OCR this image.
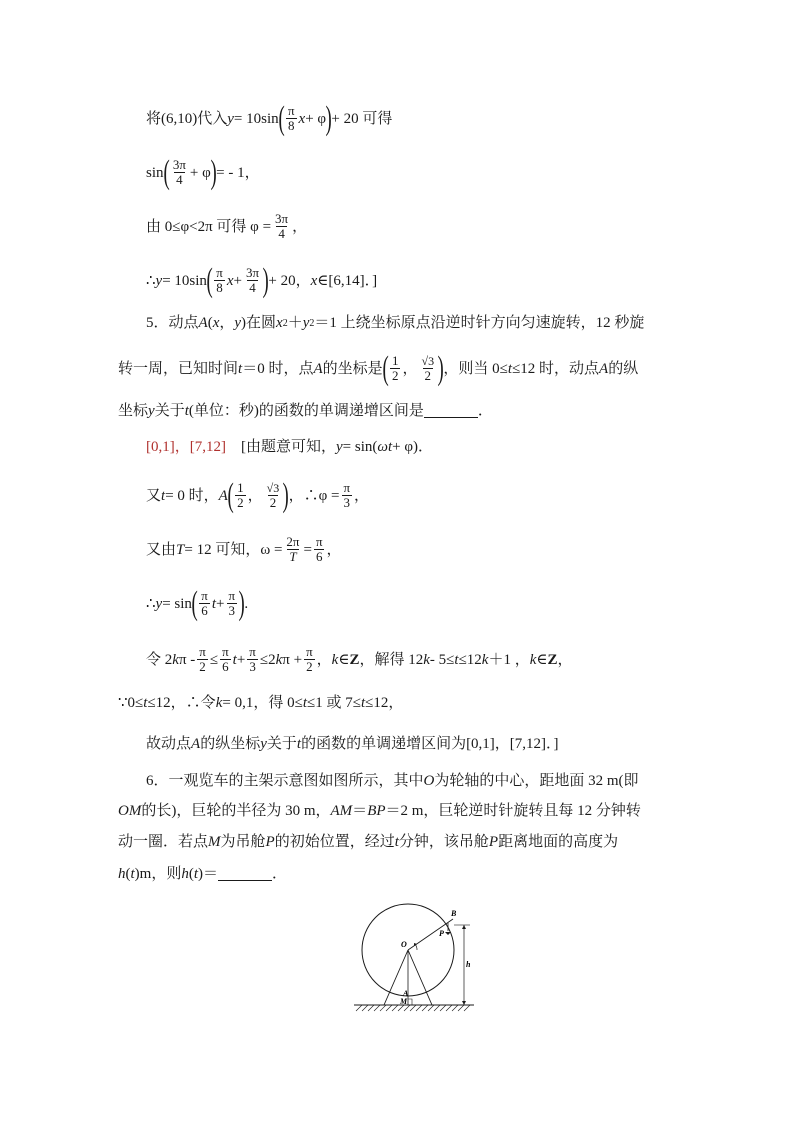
将(6,10)代入 y = 10sin ( $\frac{\pi}{8}$ x + φ ) + 20 可得
sin ( $\frac{3\pi}{4} + \varphi$ ) = ‑ 1，
由 0≤φ<2π 可得 $\varphi = \frac{3\pi}{4}$ ，
∴ y = 10sin ( $\frac{\pi}{8}$ $x + \frac{3\pi}{4}$ ) + 20， x ∈[6,14]．]
5．动点 A ( x ， y )在圆 x 2 ＋ y 2 ＝1 上绕坐标原点沿逆时针方向匀速旋转，12 秒旋
转一周，已知时间 t ＝0 时，点 A 的坐标是 ( $\frac{1}{2}$ ， $\frac{√3}{2}$ ) ，则当 0≤ t ≤12 时，动点 A 的纵
坐标 y 关于 t (单位：秒)的函数的单调递增区间是	．
[0,1]，[7,12] 　[由题意可知， y = sin( ωt + φ)．
又 t = 0 时， A ( $\frac{1}{2}$ ， $\frac{√3}{2}$ ) ，∴φ = $\frac{\pi}{3}$ ，
又由 T = 12 可知，$\omega = \frac{2\pi}{T} = \frac{\pi}{6}$ ，
∴ y = sin ( $\frac{\pi}{6}$ $t + \frac{\pi}{3}$ ) .
令 2 k π ‑ $\frac{\pi}{2} \le \frac{\pi}{6}$ $t + \frac{\pi}{3} \le 2$ k $\pi + \frac{\pi}{2}$ ， k ∈ Z ，解得 12 k ‑ 5≤ t ≤12 k ＋1 ， k ∈ Z ，
∵0≤ t ≤12，∴令 k = 0,1，得 0≤ t ≤1 或 7≤ t ≤12，
故动点 A 的纵坐标 y 关于 t 的函数的单调递增区间为[0,1]，[7,12]．]
6．一观览车的主架示意图如图所示，其中 O 为轮轴的中心，距地面 32 m(即
OM 的长)，巨轮的半径为 30 m， AM ＝ BP ＝2 m，巨轮逆时针旋转且每 12 分钟转
动一圈．若点 M 为吊舱 P 的初始位置，经过 t 分钟，该吊舱 P 距离地面的高度为
h ( t )m，则 h ( t )＝	．
B
O
P
A
M
h
